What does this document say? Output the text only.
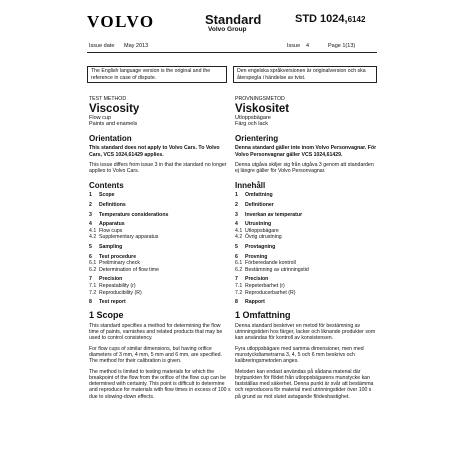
VOLVO	Standard
Volvo Group
STD 1024,6142
Issue date May 2013	Issue 4	Page 1(13)
The English language version is the original and the reference in case of dispute.
Den engelska språkversionen är originalversion och ska återspegla i händelse av tvist.
TEST METHOD
Viscosity
Flow cup
Paints and enamels
Orientation

This standard does not apply to Volvo Cars. To Volvo Cars, VCS 1024,61429 applies.

This issue differs from issue 3 in that the standard no longer applies to Volvo Cars.

Contents
1	Scope
2	Definitions
3	Temperature considerations
4	Apparatus
4.1 Flow cups
4.2 Supplementary apparatus
5	Sampling
6	Test procedure
6.1 Preliminary check
6.2 Determination of flow time
7	Precision
7.1 Repeatability (r)
7.2 Reproducibility (R)
8	Test report
1 Scope

This standard specifies a method for determining the flow time of paints, varnishes and related products that may be used to control consistency.

For flow cups of similar dimensions, but having orifice diameters of 3 mm, 4 mm, 5 mm and 6 mm, are specified. The method for their calibration is given.

The method is limited to testing materials for which the breakpoint of the flow from the orifice of the flow cup can be determined with certainty. This point is difficult to determine and reproduce for materials with flow times in excess of 100 s due to slowing-down effects.

PROVNINGSMETOD
Viskositet
Utloppsbägare
Färg och lack
Orientering

Denna standard gäller inte inom Volvo Personvagnar. För Volvo Personvagnar gäller VCS 1024,61429.

Denna utgåva skiljer sig från utgåva 3 genom att standarden ej längre gäller för Volvo Personvagnar.

Innehåll
1	Omfattning
2	Definitioner
3	Inverkan av temperatur
4	Utrustning
4.1 Utloppsbägare
4.2 Övrig utrustning
5	Provtagning
6	Provning
6.1 Förberedande kontroll
6.2 Bestämning av utrinningstid
7	Precision
7.1 Repeterbarhet (r)
7.2 Reproducerbarhet (R)
8	Rapport
1 Omfattning

Denna standard beskriver en metod för bestämning av utrinningstiden hos färger, lacker och liknande produkter som kan användas för kontroll av konsistensen.

Fyra utloppsbägare med samma dimensioner, men med munstyckdiametrarna 3, 4, 5 och 6 mm beskrivs och kalibreringsmetoden anges.

Metoden kan endast användas på sådana material där brytpunkten för flödet från utloppsbägarens munstycke kan fastställas med säkerhet. Denna punkt är svår att bestämma och reproducera för material med utrinningstider över 100 s på grund av mot slutet avtagande flödeshastighet.
